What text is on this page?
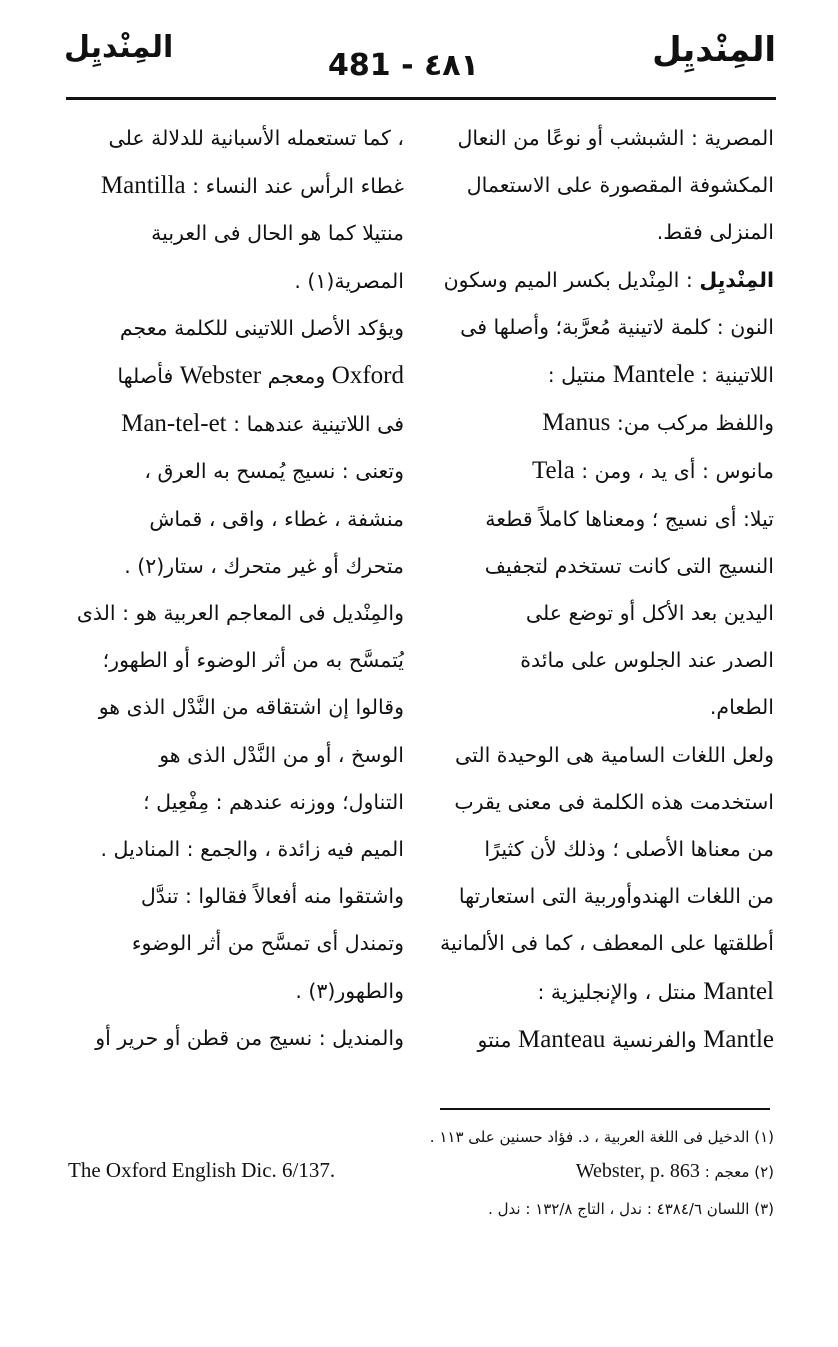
المِنْديِل
481 - ٤٨١
المِنْديِل

المصرية : الشبشب أو نوعًا من النعال

المكشوفة المقصورة على الاستعمال

المنزلى فقط.

المِنْديِل : المِنْديل بكسر الميم وسكون

النون : كلمة لاتينية مُعرَّبة؛ وأصلها فى

اللاتينية : Mantele منتيل :

واللفظ مركب من: Manus

مانوس : أى يد ، ومن : Tela

تيلا: أى نسيج ؛ ومعناها كاملاً قطعة

النسيج التى كانت تستخدم لتجفيف

اليدين بعد الأكل أو توضع على

الصدر عند الجلوس على مائدة

الطعام.

ولعل اللغات السامية هى الوحيدة التى

استخدمت هذه الكلمة فى معنى يقرب

من معناها الأصلى ؛ وذلك لأن كثيرًا

من اللغات الهندوأوربية التى استعارتها

أطلقتها على المعطف ، كما فى الألمانية

Mantel منتل ، والإنجليزية :

Mantle والفرنسية Manteau منتو

، كما تستعمله الأسبانية للدلالة على

غطاء الرأس عند النساء : Mantilla

منتيلا كما هو الحال فى العربية

المصرية(١) .

ويؤكد الأصل اللاتينى للكلمة معجم

Oxford ومعجم Webster فأصلها

فى اللاتينية عندهما : Man-tel-et

وتعنى : نسيج يُمسح به العرق ،

منشفة ، غطاء ، واقى ، قماش

متحرك أو غير متحرك ، ستار(٢) .

والمِنْديل فى المعاجم العربية هو : الذى

يُتمسَّح به من أثر الوضوء أو الطهور؛

وقالوا إن اشتقاقه من النَّدْل الذى هو

الوسخ ، أو من النَّدْل الذى هو

التناول؛ ووزنه عندهم : مِفْعِيل ؛

الميم فيه زائدة ، والجمع : المناديل .

واشتقوا منه أفعالاً فقالوا : تندَّل

وتمندل أى تمسَّح من أثر الوضوء

والطهور(٣) .

والمنديل : نسيج من قطن أو حرير أو

(١) الدخيل فى اللغة العربية ، د. فؤاد حسنين على ١١٣ .
(٢) معجم : Webster, p. 863
The Oxford English Dic. 6/137.
(٣) اللسان ٤٣٨٤/٦ : ندل ، التاج ١٣٢/٨ : ندل .
